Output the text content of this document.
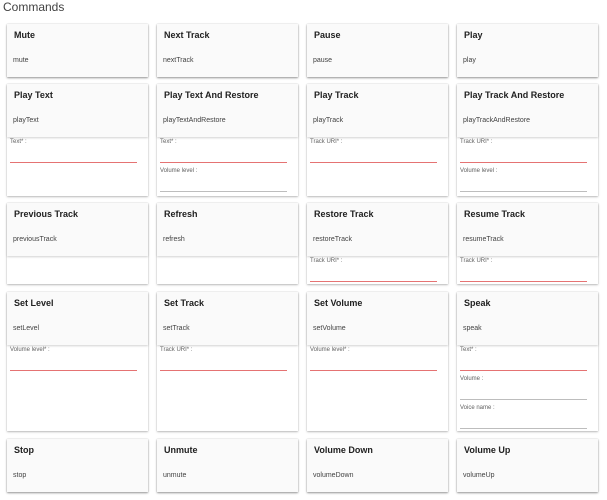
Commands
Mute
mute
Next Track
nextTrack
Pause
pause
Play
play
Play Text
playText
Text* :
Play Text And Restore
playTextAndRestore
Text* :
Volume level :
Play Track
playTrack
Track URI* :
Play Track And Restore
playTrackAndRestore
Track URI* :
Volume level :
Previous Track
previousTrack
Refresh
refresh
Restore Track
restoreTrack
Track URI* :
Resume Track
resumeTrack
Track URI* :
Set Level
setLevel
Volume level* :
Set Track
setTrack
Track URI* :
Set Volume
setVolume
Volume level* :
Speak
speak
Text* :
Volume :
Voice name :
Stop
stop
Unmute
unmute
Volume Down
volumeDown
Volume Up
volumeUp
